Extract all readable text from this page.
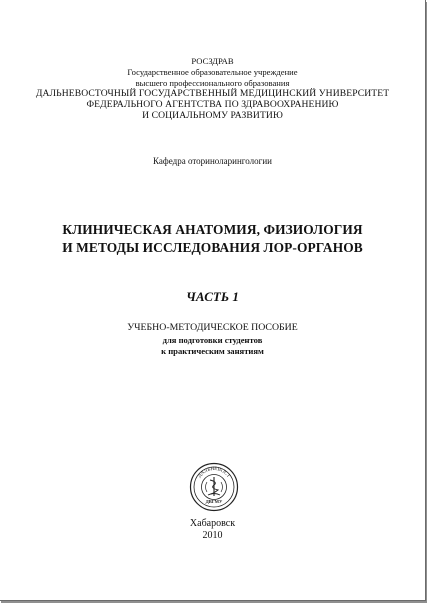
РОСЗДРАВ
Государственное образовательное учреждение
высшего профессионального образования
ДАЛЬНЕВОСТОЧНЫЙ ГОСУДАРСТВЕННЫЙ МЕДИЦИНСКИЙ УНИВЕРСИТЕТ
ФЕДЕРАЛЬНОГО АГЕНТСТВА ПО ЗДРАВООХРАНЕНИЮ
И СОЦИАЛЬНОМУ РАЗВИТИЮ
Кафедра оториноларингологии
КЛИНИЧЕСКАЯ АНАТОМИЯ, ФИЗИОЛОГИЯ
И МЕТОДЫ ИССЛЕДОВАНИЯ ЛОР-ОРГАНОВ
ЧАСТЬ 1
УЧЕБНО-МЕТОДИЧЕСКОЕ ПОСОБИЕ
для подготовки студентов
к практическим занятиям
ДАЛЬНЕВОСТ
ДВГМУ
Хабаровск
2010
